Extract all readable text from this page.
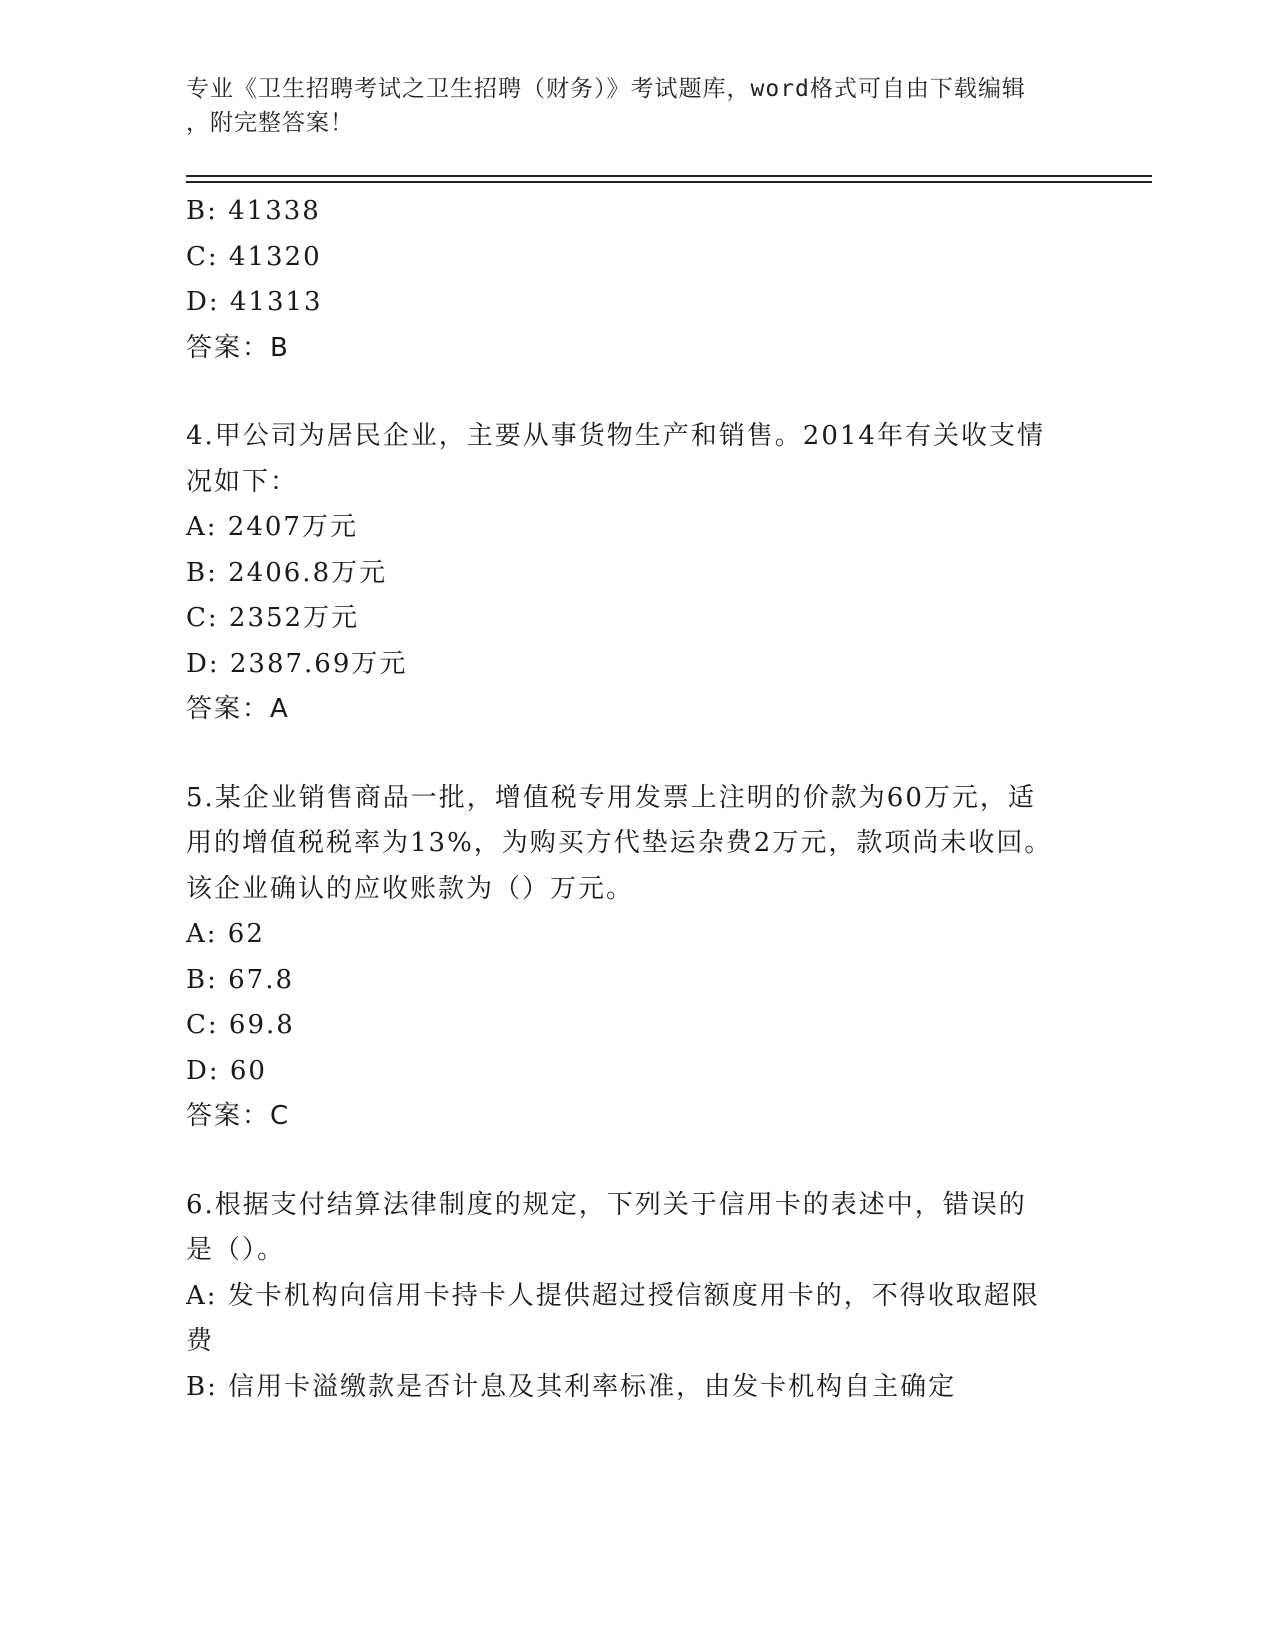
专业《卫生招聘考试之卫生招聘（财务）》考试题库，word格式可自由下载编辑
，附完整答案！
B: 41338
C: 41320
D: 41313
答案：B
4.甲公司为居民企业，主要从事货物生产和销售。2014年有关收支情
况如下：
A: 2407万元
B: 2406.8万元
C: 2352万元
D: 2387.69万元
答案：A
5.某企业销售商品一批，增值税专用发票上注明的价款为60万元，适
用的增值税税率为13%，为购买方代垫运杂费2万元，款项尚未收回。
该企业确认的应收账款为（）万元。
A: 62
B: 67.8
C: 69.8
D: 60
答案：C
6.根据支付结算法律制度的规定，下列关于信用卡的表述中，错误的
是（）。
A: 发卡机构向信用卡持卡人提供超过授信额度用卡的，不得收取超限
费
B: 信用卡溢缴款是否计息及其利率标准，由发卡机构自主确定
